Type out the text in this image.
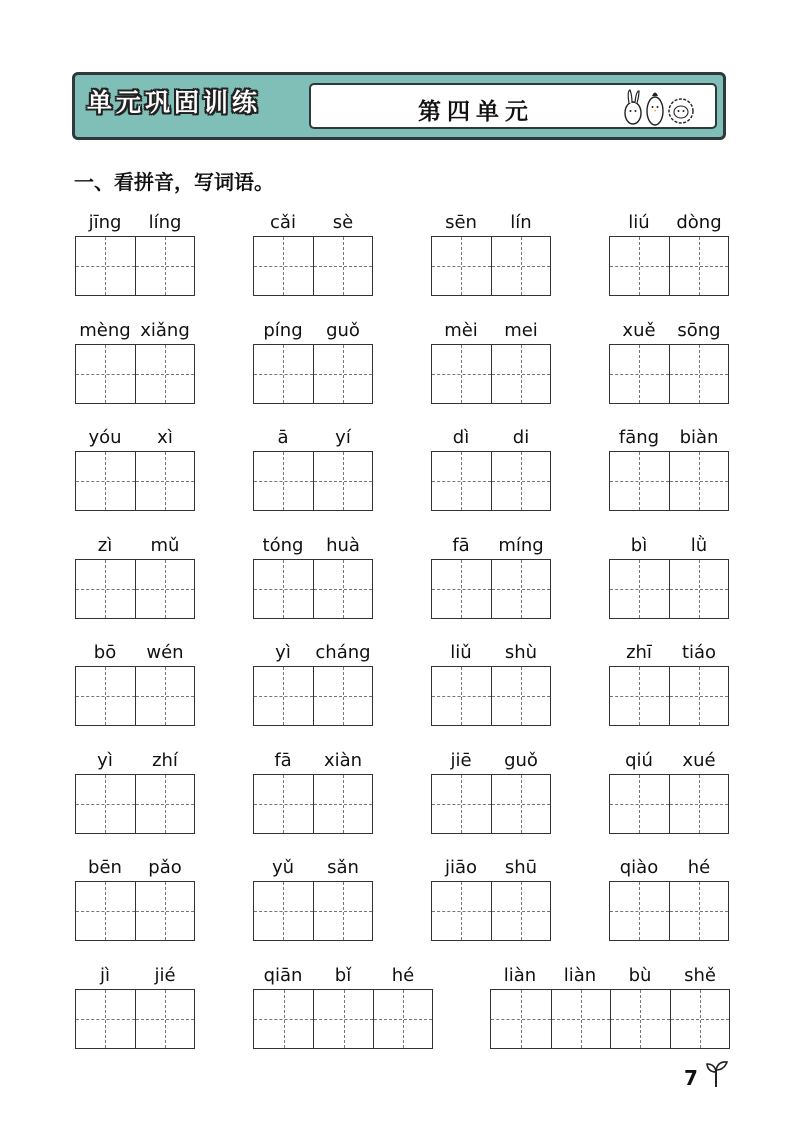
单元巩固训练	第四单元
一、看拼音，写词语。
jīng	líng	cǎi	sè	sēn	lín	liú	dòng
mèng xiǎng	píng	guǒ	mèi	mei	xuě	sōng
yóu	xì	ā	yí	dì	di	fāng	biàn
zì	mǔ	tóng	huà	fā	míng	bì	lǜ
bō	wén	yì	cháng	liǔ	shù	zhī	tiáo
yì	zhí	fā	xiàn	jiē	guǒ	qiú	xué
bēn	pǎo	yǔ	sǎn	jiāo	shū	qiào	hé
jì	jié	qiān	bǐ	hé	liàn	liàn	bù	shě
7
